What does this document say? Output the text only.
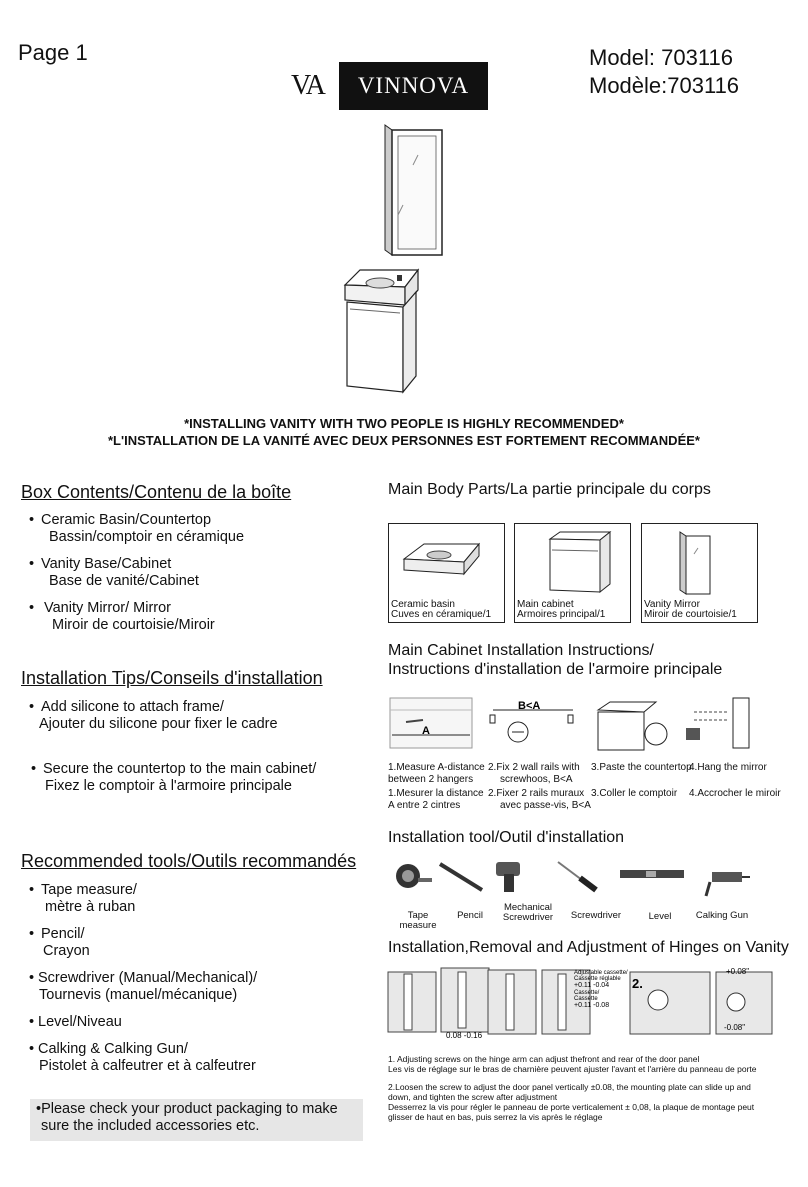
Page 1	Model: 703116
Modèle:703116
VA	VINNOVA
*INSTALLING VANITY WITH TWO PEOPLE IS HIGHLY RECOMMENDED*
*L'INSTALLATION DE LA VANITÉ AVEC DEUX PERSONNES EST FORTEMENT RECOMMANDÉE*
Box Contents/Contenu de la boîte
• Ceramic Basin/Countertop
Bassin/comptoir en céramique
• Vanity Base/Cabinet
Base de vanité/Cabinet
• Vanity Mirror/ Mirror
Miroir de courtoisie/Miroir
Installation Tips/Conseils d'installation
• Add silicone to attach frame/
Ajouter du silicone pour fixer le cadre
• Secure the countertop to the main cabinet/
Fixez le comptoir à l'armoire principale
Recommended tools/Outils recommandés
• Tape measure/
mètre à ruban
• Pencil/
Crayon
• Screwdriver (Manual/Mechanical)/
Tournevis (manuel/mécanique)
• Level/Niveau
• Calking & Calking Gun/
Pistolet à calfeutrer et à calfeutrer
•Please check your product packaging to make
sure the included accessories etc.
Main Body Parts/La partie principale du corps
Ceramic basin
Cuves en céramique/1
Main cabinet
Armoires principal/1
Vanity Mirror
Miroir de courtoisie/1
Main Cabinet Installation Instructions/
Instructions d'installation de l'armoire principale
A
B<A
1.Measure A-distance
between 2 hangers
1.Mesurer la distance
A entre 2 cintres
2.Fix 2 wall rails with
screwhoos, B<A
2.Fixer 2 rails muraux
avec passe-vis, B<A
3.Paste the countertop
3.Coller le comptoir
4.Hang the mirror
4.Accrocher le miroir
Installation tool/Outil d'installation
Tape measure
Pencil
Mechanical
Screwdriver	Screwdriver	Level	Calking Gun
Installation,Removal and Adjustment of Hinges on Vanity
0.08 -0.16
Adjustable cassette/
Cassette réglable
+0.11 -0.04
Cassette/
Cassette
+0.11 -0.08
2.
+0.08"
-0.08"
1. Adjusting screws on the hinge arm can adjust thefront and rear of the door panel
Les vis de réglage sur le bras de charnière peuvent ajuster l'avant et l'arrière du panneau de porte
2.Loosen the screw to adjust the door panel vertically ±0.08, the mounting plate can slide up and
down, and tighten the screw after adjustment
Desserrez la vis pour régler le panneau de porte verticalement ± 0,08, la plaque de montage peut
glisser de haut en bas, puis serrez la vis après le réglage
